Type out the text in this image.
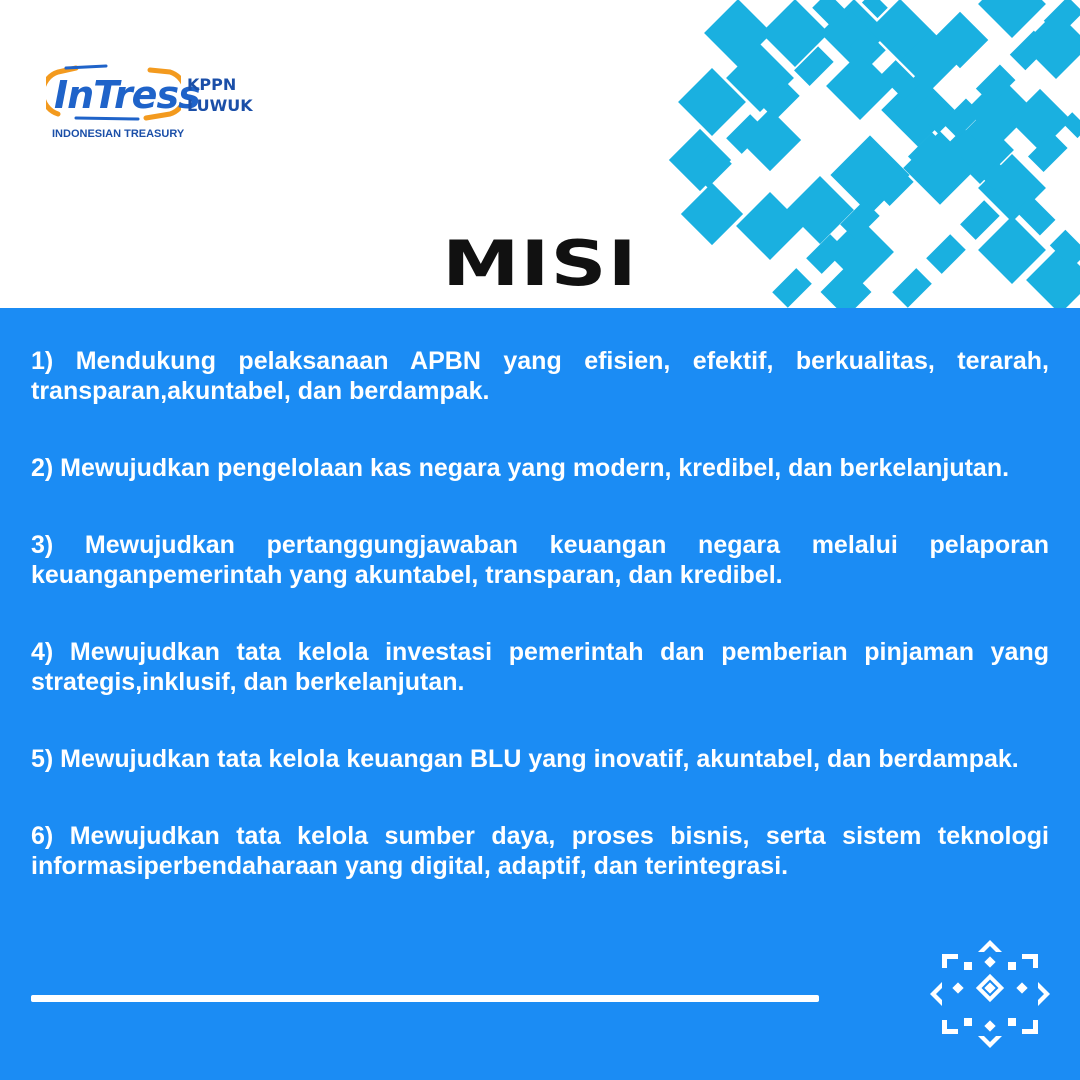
InTress
INDONESIAN TREASURY
KPPN
LUWUK
MISI
1) Mendukung pelaksanaan APBN yang efisien, efektif, berkualitas, terarah, transparan,akuntabel, dan berdampak.
2) Mewujudkan pengelolaan kas negara yang modern, kredibel, dan berkelanjutan.
3) Mewujudkan pertanggungjawaban keuangan negara melalui pelaporan keuanganpemerintah yang akuntabel, transparan, dan kredibel.
4) Mewujudkan tata kelola investasi pemerintah dan pemberian pinjaman yang strategis,inklusif, dan berkelanjutan.
5) Mewujudkan tata kelola keuangan BLU yang inovatif, akuntabel, dan berdampak.
6) Mewujudkan tata kelola sumber daya, proses bisnis, serta sistem teknologi informasiperbendaharaan yang digital, adaptif, dan terintegrasi.
